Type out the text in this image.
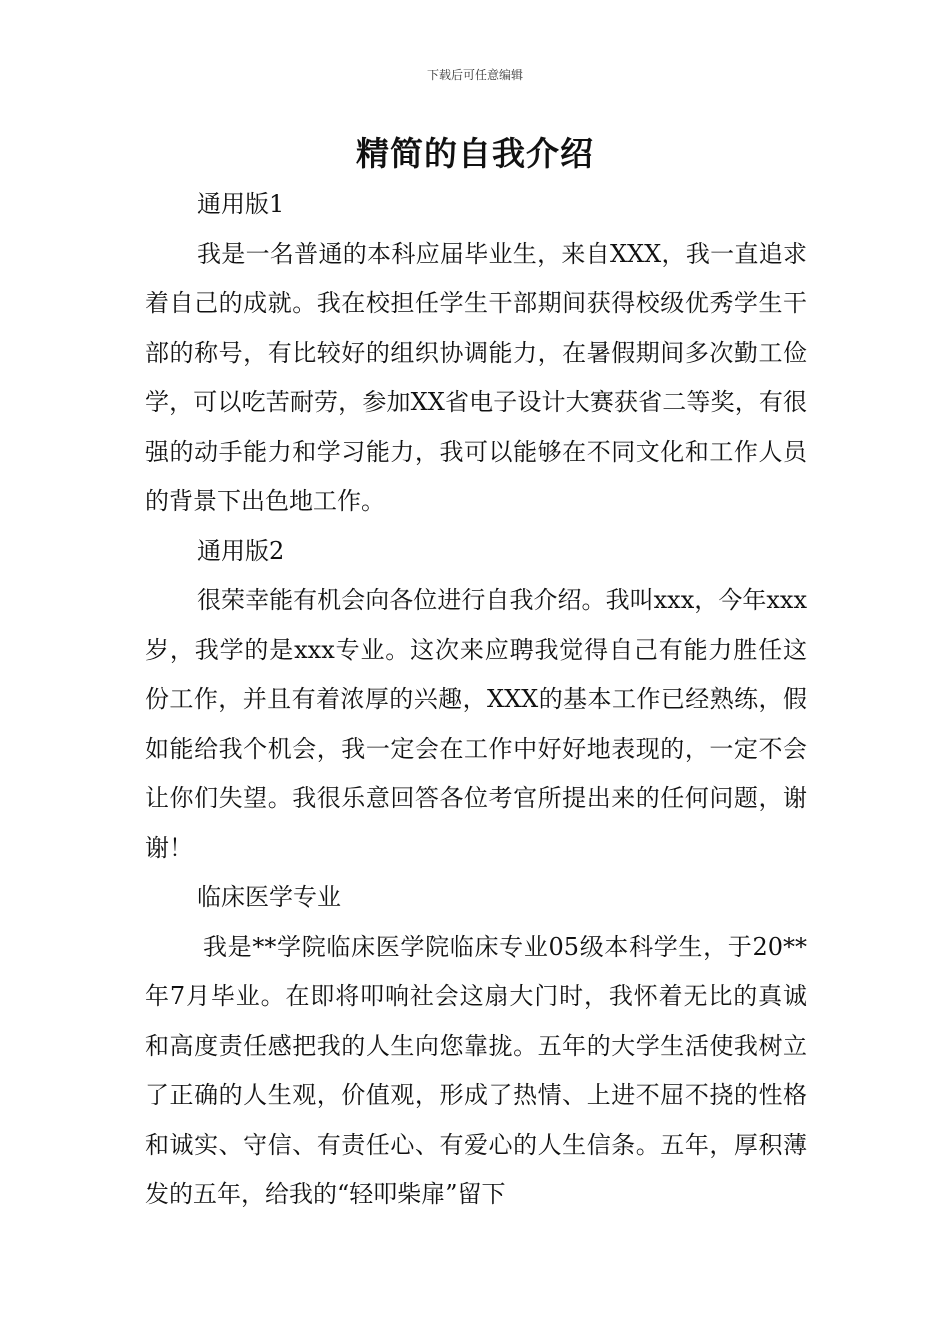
下载后可任意编辑
精简的自我介绍
通用版1

我是一名普通的本科应届毕业生，来自XXX，我一直追求着自己的成就。我在校担任学生干部期间获得校级优秀学生干部的称号，有比较好的组织协调能力，在暑假期间多次勤工俭学，可以吃苦耐劳，参加XX省电子设计大赛获省二等奖，有很强的动手能力和学习能力，我可以能够在不同文化和工作人员的背景下出色地工作。

通用版2

很荣幸能有机会向各位进行自我介绍。我叫xxx，今年xxx岁，我学的是xxx专业。这次来应聘我觉得自己有能力胜任这份工作，并且有着浓厚的兴趣，XXX的基本工作已经熟练，假如能给我个机会，我一定会在工作中好好地表现的，一定不会让你们失望。我很乐意回答各位考官所提出来的任何问题，谢谢！

临床医学专业

我是**学院临床医学院临床专业05级本科学生，于20**年7月毕业。在即将叩响社会这扇大门时，我怀着无比的真诚和高度责任感把我的人生向您靠拢。五年的大学生活使我树立了正确的人生观，价值观，形成了热情、上进不屈不挠的性格和诚实、守信、有责任心、有爱心的人生信条。五年，厚积薄发的五年，给我的“轻叩柴扉”留下
